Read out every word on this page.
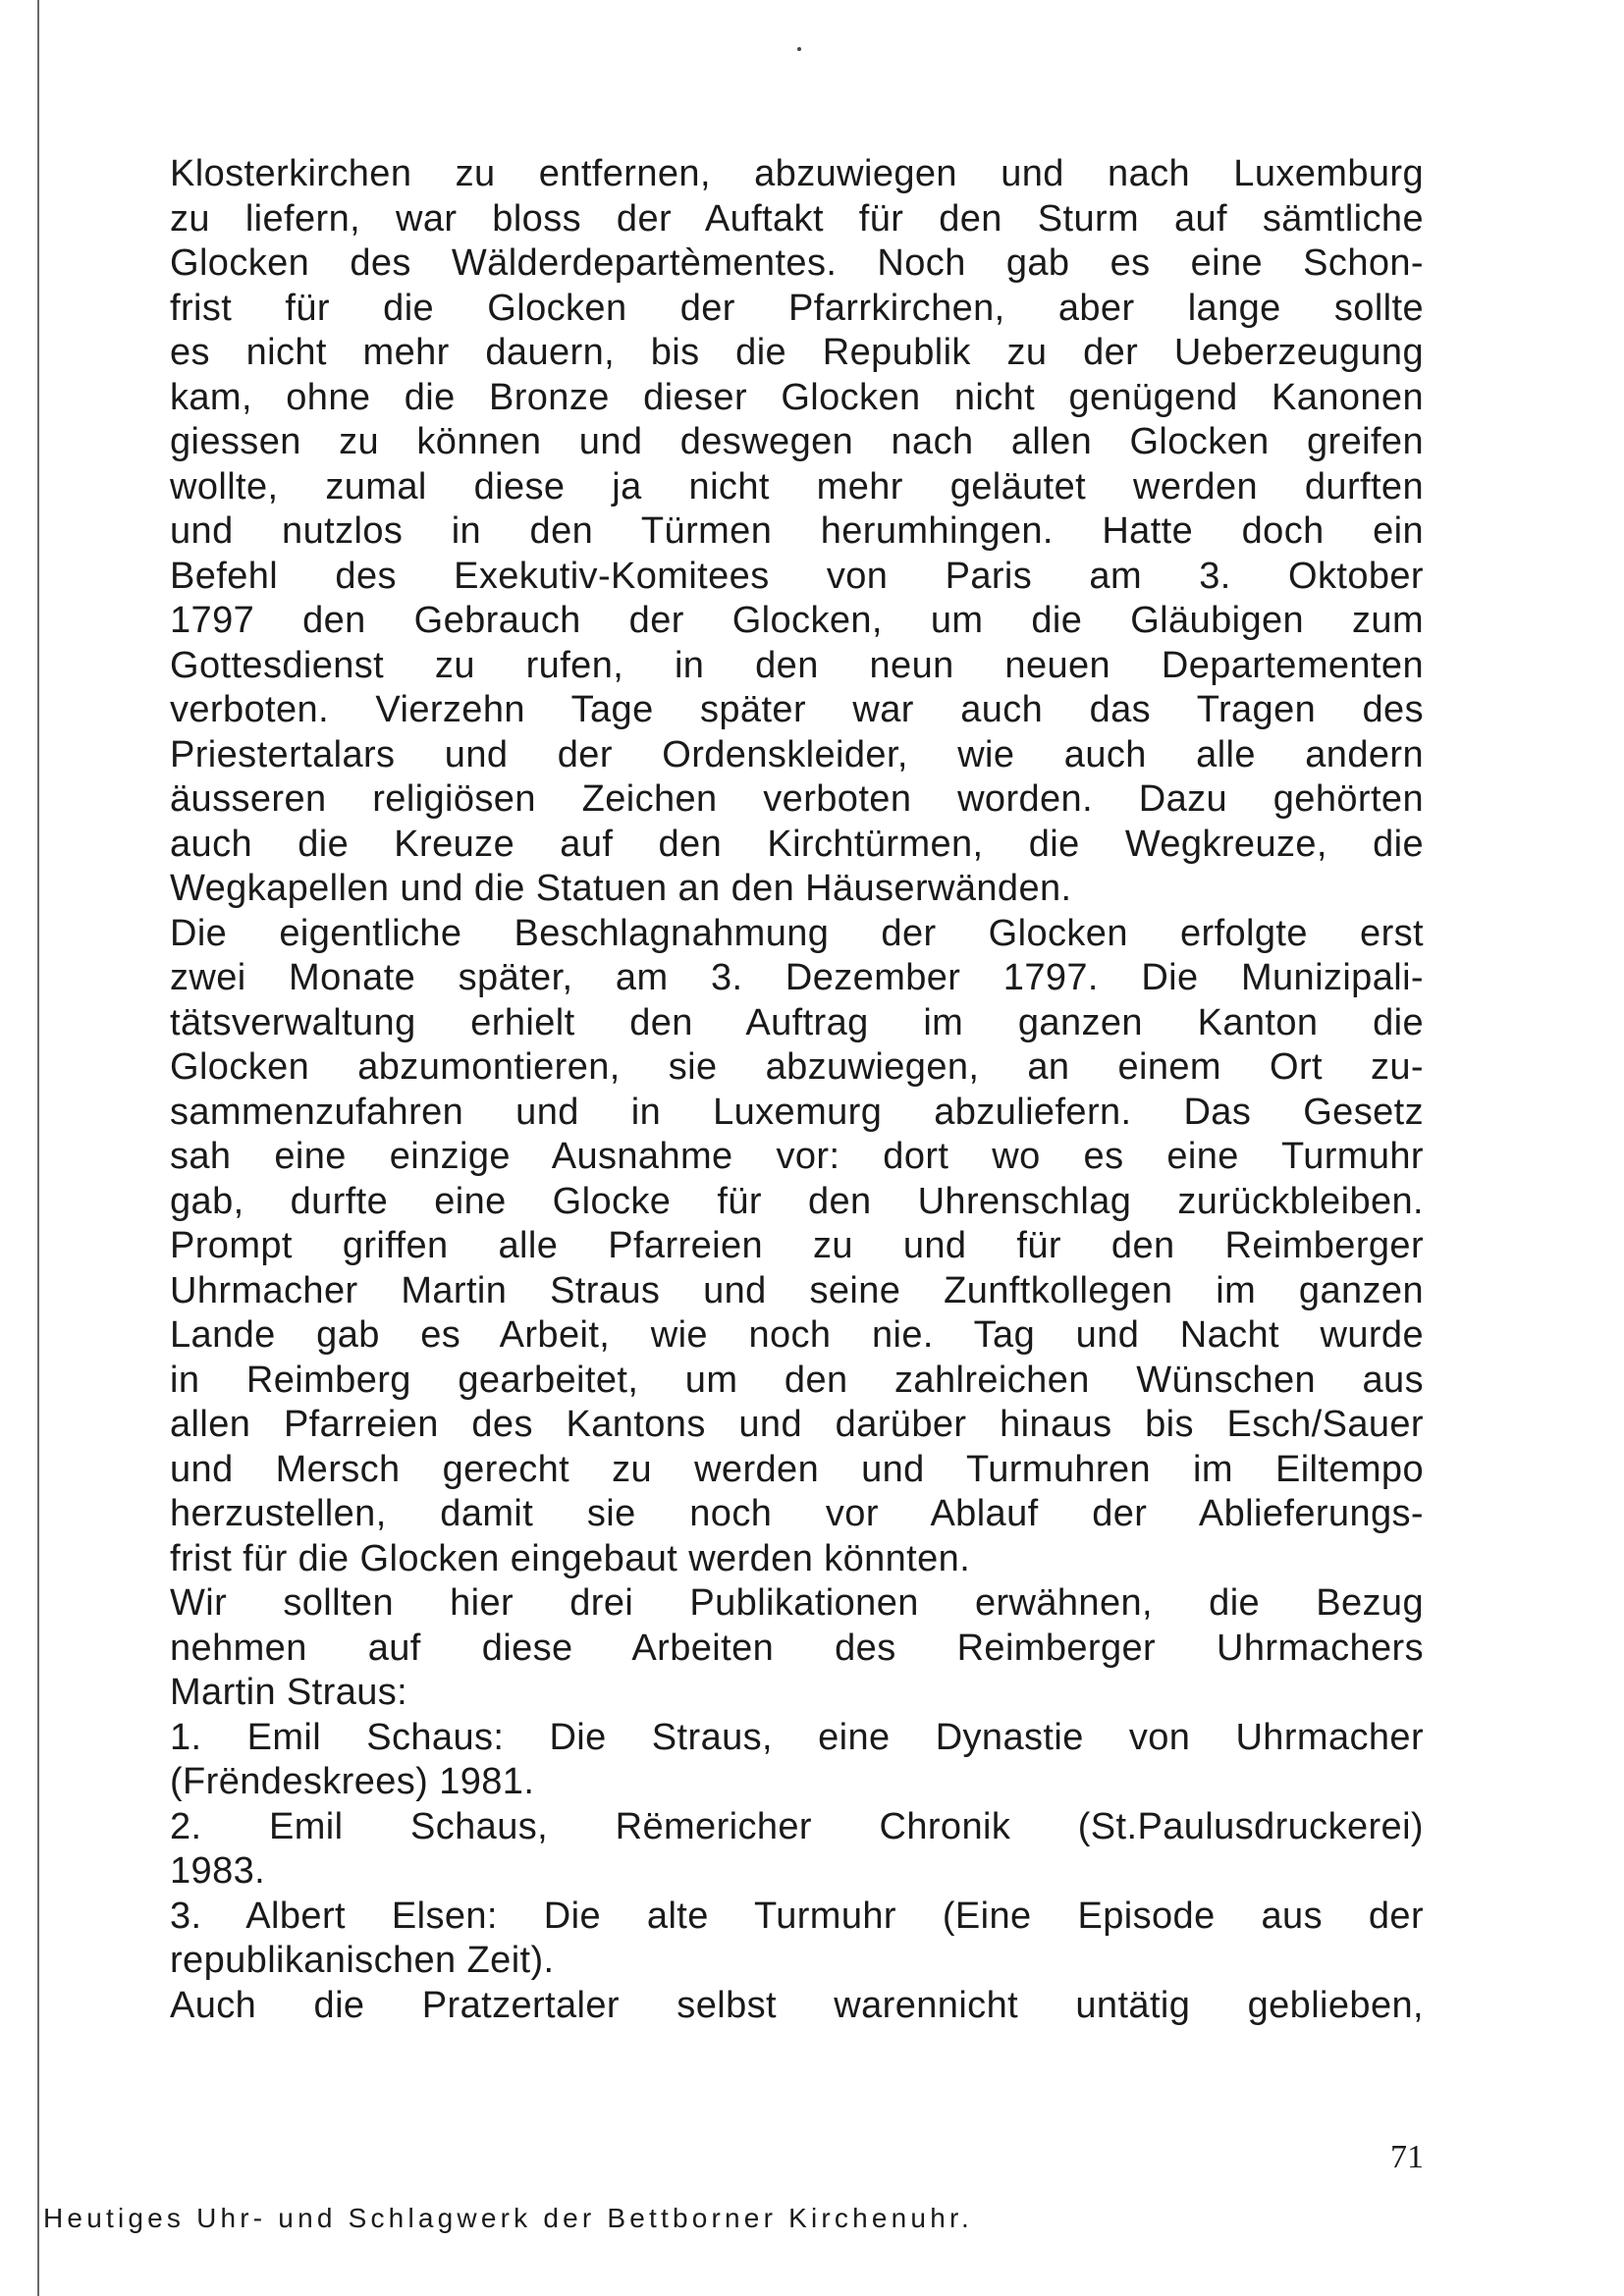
Klosterkirchen zu entfernen, abzuwiegen und nach Luxemburg
zu liefern, war bloss der Auftakt für den Sturm auf sämtliche
Glocken des Wälderdepartèmentes. Noch gab es eine Schon-
frist für die Glocken der Pfarrkirchen, aber lange sollte
es nicht mehr dauern, bis die Republik zu der Ueberzeugung
kam, ohne die Bronze dieser Glocken nicht genügend Kanonen
giessen zu können und deswegen nach allen Glocken greifen
wollte, zumal diese ja nicht mehr geläutet werden durften
und nutzlos in den Türmen herumhingen. Hatte doch ein
Befehl des Exekutiv-Komitees von Paris am 3. Oktober
1797 den Gebrauch der Glocken, um die Gläubigen zum
Gottesdienst zu rufen, in den neun neuen Departementen
verboten. Vierzehn Tage später war auch das Tragen des
Priestertalars und der Ordenskleider, wie auch alle andern
äusseren religiösen Zeichen verboten worden. Dazu gehörten
auch die Kreuze auf den Kirchtürmen, die Wegkreuze, die
Wegkapellen und die Statuen an den Häuserwänden.
Die eigentliche Beschlagnahmung der Glocken erfolgte erst
zwei Monate später, am 3. Dezember 1797. Die Munizipali-
tätsverwaltung erhielt den Auftrag im ganzen Kanton die
Glocken abzumontieren, sie abzuwiegen, an einem Ort zu-
sammenzufahren und in Luxemurg abzuliefern. Das Gesetz
sah eine einzige Ausnahme vor: dort wo es eine Turmuhr
gab, durfte eine Glocke für den Uhrenschlag zurückbleiben.
Prompt griffen alle Pfarreien zu und für den Reimberger
Uhrmacher Martin Straus und seine Zunftkollegen im ganzen
Lande gab es Arbeit, wie noch nie. Tag und Nacht wurde
in Reimberg gearbeitet, um den zahlreichen Wünschen aus
allen Pfarreien des Kantons und darüber hinaus bis Esch/Sauer
und Mersch gerecht zu werden und Turmuhren im Eiltempo
herzustellen, damit sie noch vor Ablauf der Ablieferungs-
frist für die Glocken eingebaut werden könnten.
Wir sollten hier drei Publikationen erwähnen, die Bezug
nehmen auf diese Arbeiten des Reimberger Uhrmachers
Martin Straus:
1. Emil Schaus: Die Straus, eine Dynastie von Uhrmacher
(Frëndeskrees) 1981.
2. Emil Schaus, Rëmericher Chronik (St.Paulusdruckerei)
1983.
3. Albert Elsen: Die alte Turmuhr (Eine Episode aus der
republikanischen Zeit).
Auch die Pratzertaler selbst warennicht untätig geblieben,
71
Heutiges Uhr- und Schlagwerk der Bettborner Kirchenuhr.
